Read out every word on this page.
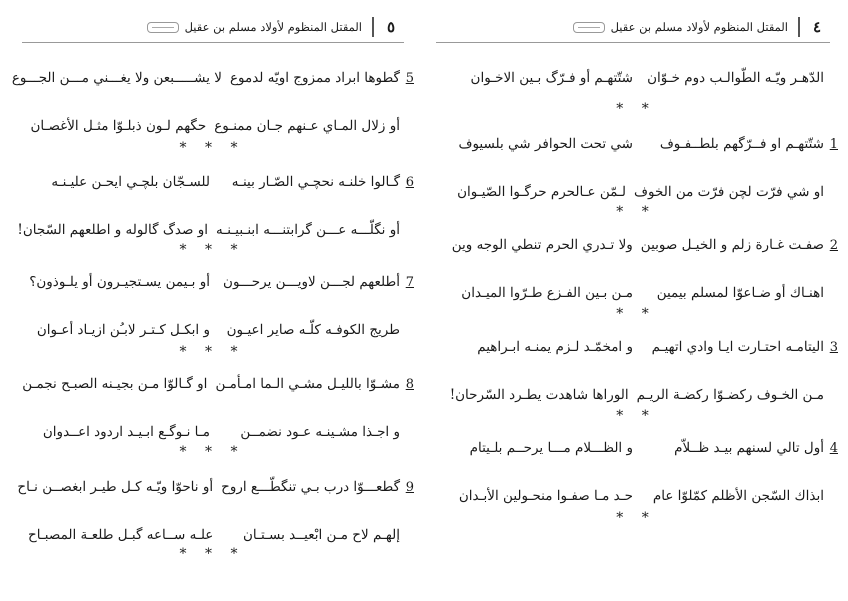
٥
المقتل المنظوم لأولاد مسلم بن عقيل
5
ﮔﻄﻮﻫﺎ اﺑﺮاد ﻣﻤﺰوج اوﻳّﻪ ﻟﺪﻣﻮع
لا يشـــــبعن ولا يغـــني مـــن الجـــوع
أو زلال المـاي عـنهم جـان ممنـوع
حگهم لـون ذبلـوّا مثـل الأغصـان
* * *
6
گـالوا خلنـه نحچـي الصّـار بينـه
للسـجّان بلچـي ايحـن عليـنـه
أو نگلّـــه عـــن گرابتنـــه ابنـبيـنـه
او صدگ گالوله و اطلعهم السّجان!
* * *
7
أطلعهم لجـــن لاويـــن يرحـــون
أو بـيمن يسـتجيـرون أو يلـوذون؟
طريج الكوفـه كلّـه صاير اعيـون
و ابكـل كـتـر لابـُن ازيـاد أعـوان
* * *
8
مشـوّا بالليـل مشـي الـما امـأمـن
او گـالوّا مـن بجيـنه الصبـح نجمـن
و اجـذا مشـينـه عـود نضمــن
مـا نـوگـع ابـيـد اردود اعــدوان
* * *
9
گطعـــوّا درب بـي تنگطّـــع اروح
أو ناحوّا ويّـه كـل طيـر ابغصــن نـاح
إلهـم لاح مـن ابْعيــد بسـتـان
علـه ســاعه گبـل طلعـة المصبـاح
* * *
٤
المقتل المنظوم لأولاد مسلم بن عقيل
الدّهـر ويّـه الطّوالـب دوم خـوّان
شتّتهـم أو فـرّگ بـين الاخـوان
* *
1
شتّتهـم او فــرّگهم بلطــفـوف
شي تحت الحوافر شي بلسيوف
او شي فرّت لچن فرّت من الخوف
لـمّن عـالحرم حرگـوا الصّيـوان
* *
2
صفـت غـارة زلم و الخيـل صوبين
ولا تـدري الحرم تنطي الوجه وين
اهنـاك أو ضـاعوّا لمسلم بيمين
مـن بـين الفـزع طـرّوا الميـدان
* *
3
اليتامـه احتـارت ايـا وادي اتهيـم
و امخمّـد لـزم يمنـه ابـراهيم
مـن الخـوف ركضـوّا ركضـة الريـم
الوراها شاهدت يطـرد السّرحان!
* *
4
أول تالي لسنهم بيـد ظــلاّم
و الظـــلام مـــا يرحــم بلـيتام
ابذاك السّجن الأظلم كمّلوّا عام
حـد مـا صفـوا منحـولين الأبـدان
* *
